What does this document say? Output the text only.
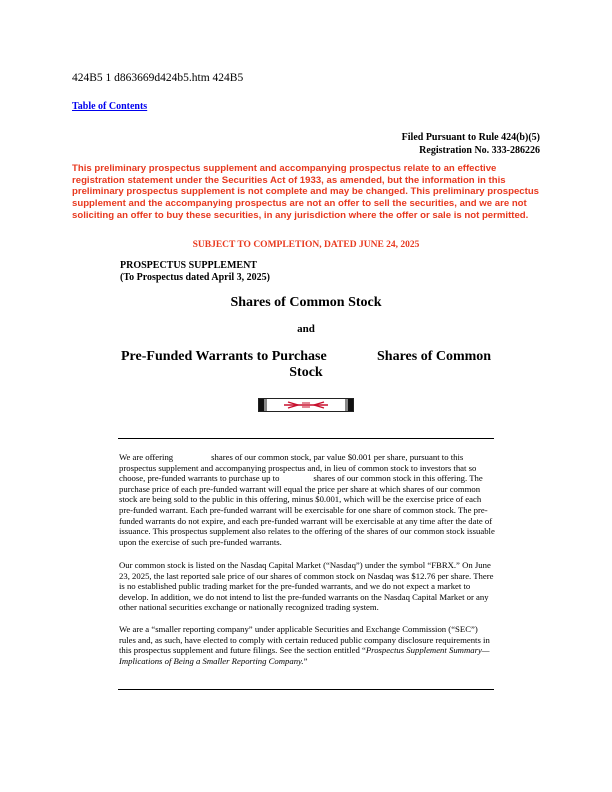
424B5 1 d863669d424b5.htm 424B5
Table of Contents
Filed Pursuant to Rule 424(b)(5)
Registration No. 333-286226
This preliminary prospectus supplement and accompanying prospectus relate to an effective registration statement under the Securities Act of 1933, as amended, but the information in this preliminary prospectus supplement is not complete and may be changed. This preliminary prospectus supplement and the accompanying prospectus are not an offer to sell the securities, and we are not soliciting an offer to buy these securities, in any jurisdiction where the offer or sale is not permitted.
SUBJECT TO COMPLETION, DATED JUNE 24, 2025
PROSPECTUS SUPPLEMENT
(To Prospectus dated April 3, 2025)
Shares of Common Stock
and
Pre-Funded Warrants to Purchase	Shares of Common
Stock

We are offering	shares of our common stock, par value $0.001 per share, pursuant to this prospectus supplement and accompanying prospectus and, in lieu of common stock to investors that so choose, pre-funded warrants to purchase up to	shares of our common stock in this offering. The purchase price of each pre-funded warrant will equal the price per share at which shares of our common stock are being sold to the public in this offering, minus $0.001, which will be the exercise price of each pre-funded warrant. Each pre-funded warrant will be exercisable for one share of common stock. The pre-funded warrants do not expire, and each pre-funded warrant will be exercisable at any time after the date of issuance. This prospectus supplement also relates to the offering of the shares of our common stock issuable upon the exercise of such pre-funded warrants.

Our common stock is listed on the Nasdaq Capital Market (“Nasdaq”) under the symbol “FBRX.” On June 23, 2025, the last reported sale price of our shares of common stock on Nasdaq was $12.76 per share. There is no established public trading market for the pre-funded warrants, and we do not expect a market to develop. In addition, we do not intend to list the pre-funded warrants on the Nasdaq Capital Market or any other national securities exchange or nationally recognized trading system.

We are a “smaller reporting company” under applicable Securities and Exchange Commission (“SEC”) rules and, as such, have elected to comply with certain reduced public company disclosure requirements in this prospectus supplement and future filings. See the section entitled “Prospectus Supplement Summary— Implications of Being a Smaller Reporting Company.”
